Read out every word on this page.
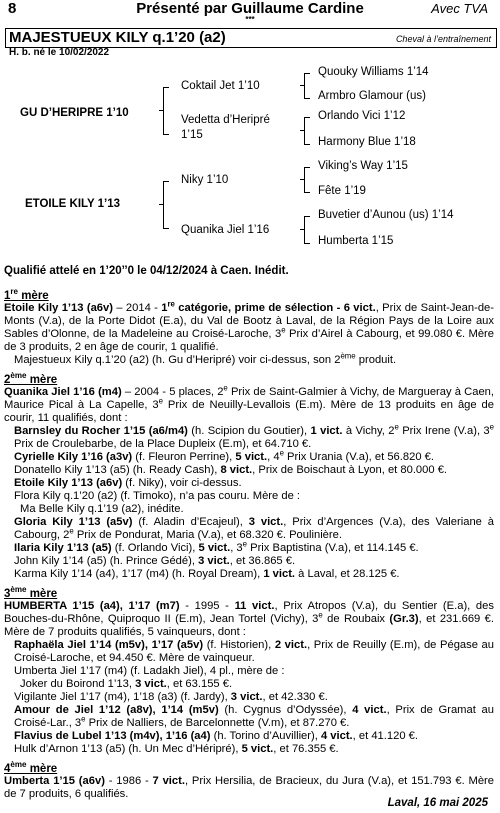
8	Présenté par Guillaume Cardine	Avec TVA
***
MAJESTUEUX KILY q.1’20 (a2)	Cheval à l’entraînement
H. b. né le 10/02/2022
GU D’HERIPRE 1’10
ETOILE KILY 1’13
Coktail Jet 1’10
Vedetta d’Heripré
1’15
Niky 1’10
Quanika Jiel 1’16
Quouky Williams 1’14
Armbro Glamour (us)
Orlando Vici 1’12
Harmony Blue 1’18
Viking’s Way 1’15
Fête 1’19
Buvetier d’Aunou (us) 1’14
Humberta 1’15
Qualifié attelé en 1’20’’0 le 04/12/2024 à Caen. Inédit.
1re mère
Etoile Kily 1’13 (a6v) – 2014 - 1re catégorie, prime de sélection - 6 vict., Prix de Saint-Jean-de-Monts (V.a), de la Porte Didot (E.a), du Val de Bootz à Laval, de la Région Pays de la Loire aux Sables d’Olonne, de la Madeleine au Croisé-Laroche, 3e Prix d’Airel à Cabourg, et 99.080 €. Mère de 3 produits, 2 en âge de courir, 1 qualifié.
Majestueux Kily q.1’20 (a2) (h. Gu d’Heripré) voir ci-dessus, son 2ème produit.
2ème mère
Quanika Jiel 1’16 (m4) – 2004 - 5 places, 2e Prix de Saint-Galmier à Vichy, de Margueray à Caen, Maurice Pical à La Capelle, 3e Prix de Neuilly-Levallois (E.m). Mère de 13 produits en âge de courir, 11 qualifiés, dont :
Barnsley du Rocher 1’15 (a6/m4) (h. Scipion du Goutier), 1 vict. à Vichy, 2e Prix Irene (V.a), 3e Prix de Croulebarbe, de la Place Dupleix (E.m), et 64.710 €.
Cyrielle Kily 1’16 (a3v) (f. Fleuron Perrine), 5 vict., 4e Prix Urania (V.a), et 56.820 €.
Donatello Kily 1’13 (a5) (h. Ready Cash), 8 vict., Prix de Boischaut à Lyon, et 80.000 €.
Etoile Kily 1’13 (a6v) (f. Niky), voir ci-dessus.
Flora Kily q.1’20 (a2) (f. Timoko), n’a pas couru. Mère de :
Ma Belle Kily q.1’19 (a2), inédite.
Gloria Kily 1’13 (a5v) (f. Aladin d’Ecajeul), 3 vict., Prix d’Argences (V.a), des Valeriane à Cabourg, 2e Prix de Pondurat, Maria (V.a), et 68.320 €. Poulinière.
Ilaria Kily 1’13 (a5) (f. Orlando Vici), 5 vict., 3e Prix Baptistina (V.a), et 114.145 €.
John Kily 1’14 (a5) (h. Prince Gédé), 3 vict., et 36.865 €.
Karma Kily 1’14 (a4), 1’17 (m4) (h. Royal Dream), 1 vict. à Laval, et 28.125 €.
3ème mère
HUMBERTA 1’15 (a4), 1’17 (m7) - 1995 - 11 vict., Prix Atropos (V.a), du Sentier (E.a), des Bouches-du-Rhône, Quiproquo II (E.m), Jean Tortel (Vichy), 3e de Roubaix (Gr.3), et 231.669 €. Mère de 7 produits qualifiés, 5 vainqueurs, dont :
Raphaëla Jiel 1’14 (m5v), 1’17 (a5v) (f. Historien), 2 vict., Prix de Reuilly (E.m), de Pégase au Croisé-Laroche, et 94.450 €. Mère de vainqueur.
Umberta Jiel 1’17 (m4) (f. Ladakh Jiel), 4 pl., mère de :
Joker du Boirond 1’13, 3 vict., et 63.155 €.
Vigilante Jiel 1’17 (m4), 1’18 (a3) (f. Jardy), 3 vict., et 42.330 €.
Amour de Jiel 1’12 (a8v), 1’14 (m5v) (h. Cygnus d’Odyssée), 4 vict., Prix de Gramat au Croisé-Lar., 3e Prix de Nalliers, de Barcelonnette (V.m), et 87.270 €.
Flavius de Lubel 1’13 (m4v), 1’16 (a4) (h. Torino d’Auvillier), 4 vict., et 41.120 €.
Hulk d’Arnon 1’13 (a5) (h. Un Mec d’Héripré), 5 vict., et 76.355 €.
4ème mère
Umberta 1’15 (a6v) - 1986 - 7 vict., Prix Hersilia, de Bracieux, du Jura (V.a), et 151.793 €. Mère de 7 produits, 6 qualifiés.
Laval, 16 mai 2025
